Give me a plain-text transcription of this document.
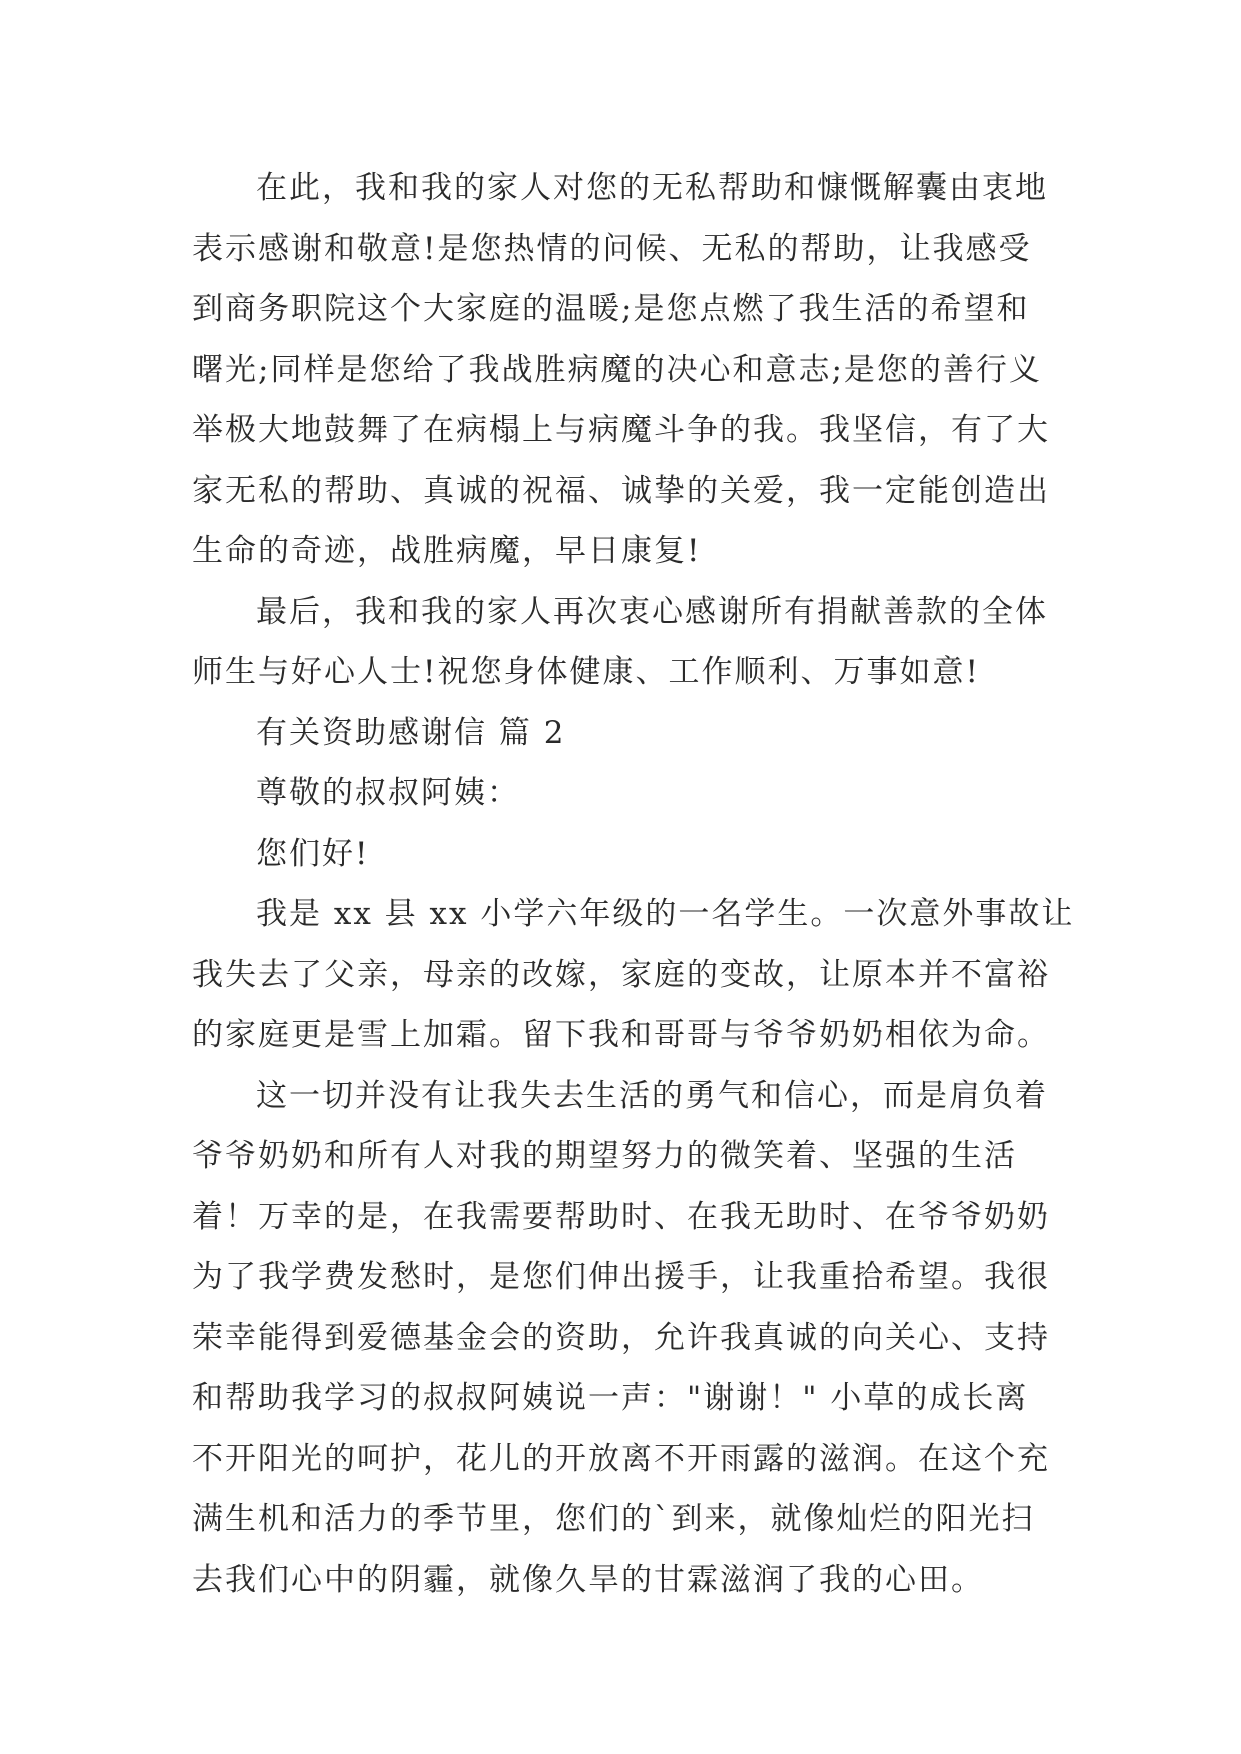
在此，我和我的家人对您的无私帮助和慷慨解囊由衷地
表示感谢和敬意!是您热情的问候、无私的帮助，让我感受
到商务职院这个大家庭的温暖;是您点燃了我生活的希望和
曙光;同样是您给了我战胜病魔的决心和意志;是您的善行义
举极大地鼓舞了在病榻上与病魔斗争的我。我坚信，有了大
家无私的帮助、真诚的祝福、诚挚的关爱，我一定能创造出
生命的奇迹，战胜病魔，早日康复!
最后，我和我的家人再次衷心感谢所有捐献善款的全体
师生与好心人士!祝您身体健康、工作顺利、万事如意!
有关资助感谢信 篇 2
尊敬的叔叔阿姨：
您们好!
我是 xx 县 xx 小学六年级的一名学生。一次意外事故让
我失去了父亲，母亲的改嫁，家庭的变故，让原本并不富裕
的家庭更是雪上加霜。留下我和哥哥与爷爷奶奶相依为命。
这一切并没有让我失去生活的勇气和信心，而是肩负着
爷爷奶奶和所有人对我的期望努力的微笑着、坚强的生活
着！万幸的是，在我需要帮助时、在我无助时、在爷爷奶奶
为了我学费发愁时，是您们伸出援手，让我重拾希望。我很
荣幸能得到爱德基金会的资助，允许我真诚的向关心、支持
和帮助我学习的叔叔阿姨说一声："谢谢！" 小草的成长离
不开阳光的呵护，花儿的开放离不开雨露的滋润。在这个充
满生机和活力的季节里，您们的`到来，就像灿烂的阳光扫
去我们心中的阴霾，就像久旱的甘霖滋润了我的心田。
